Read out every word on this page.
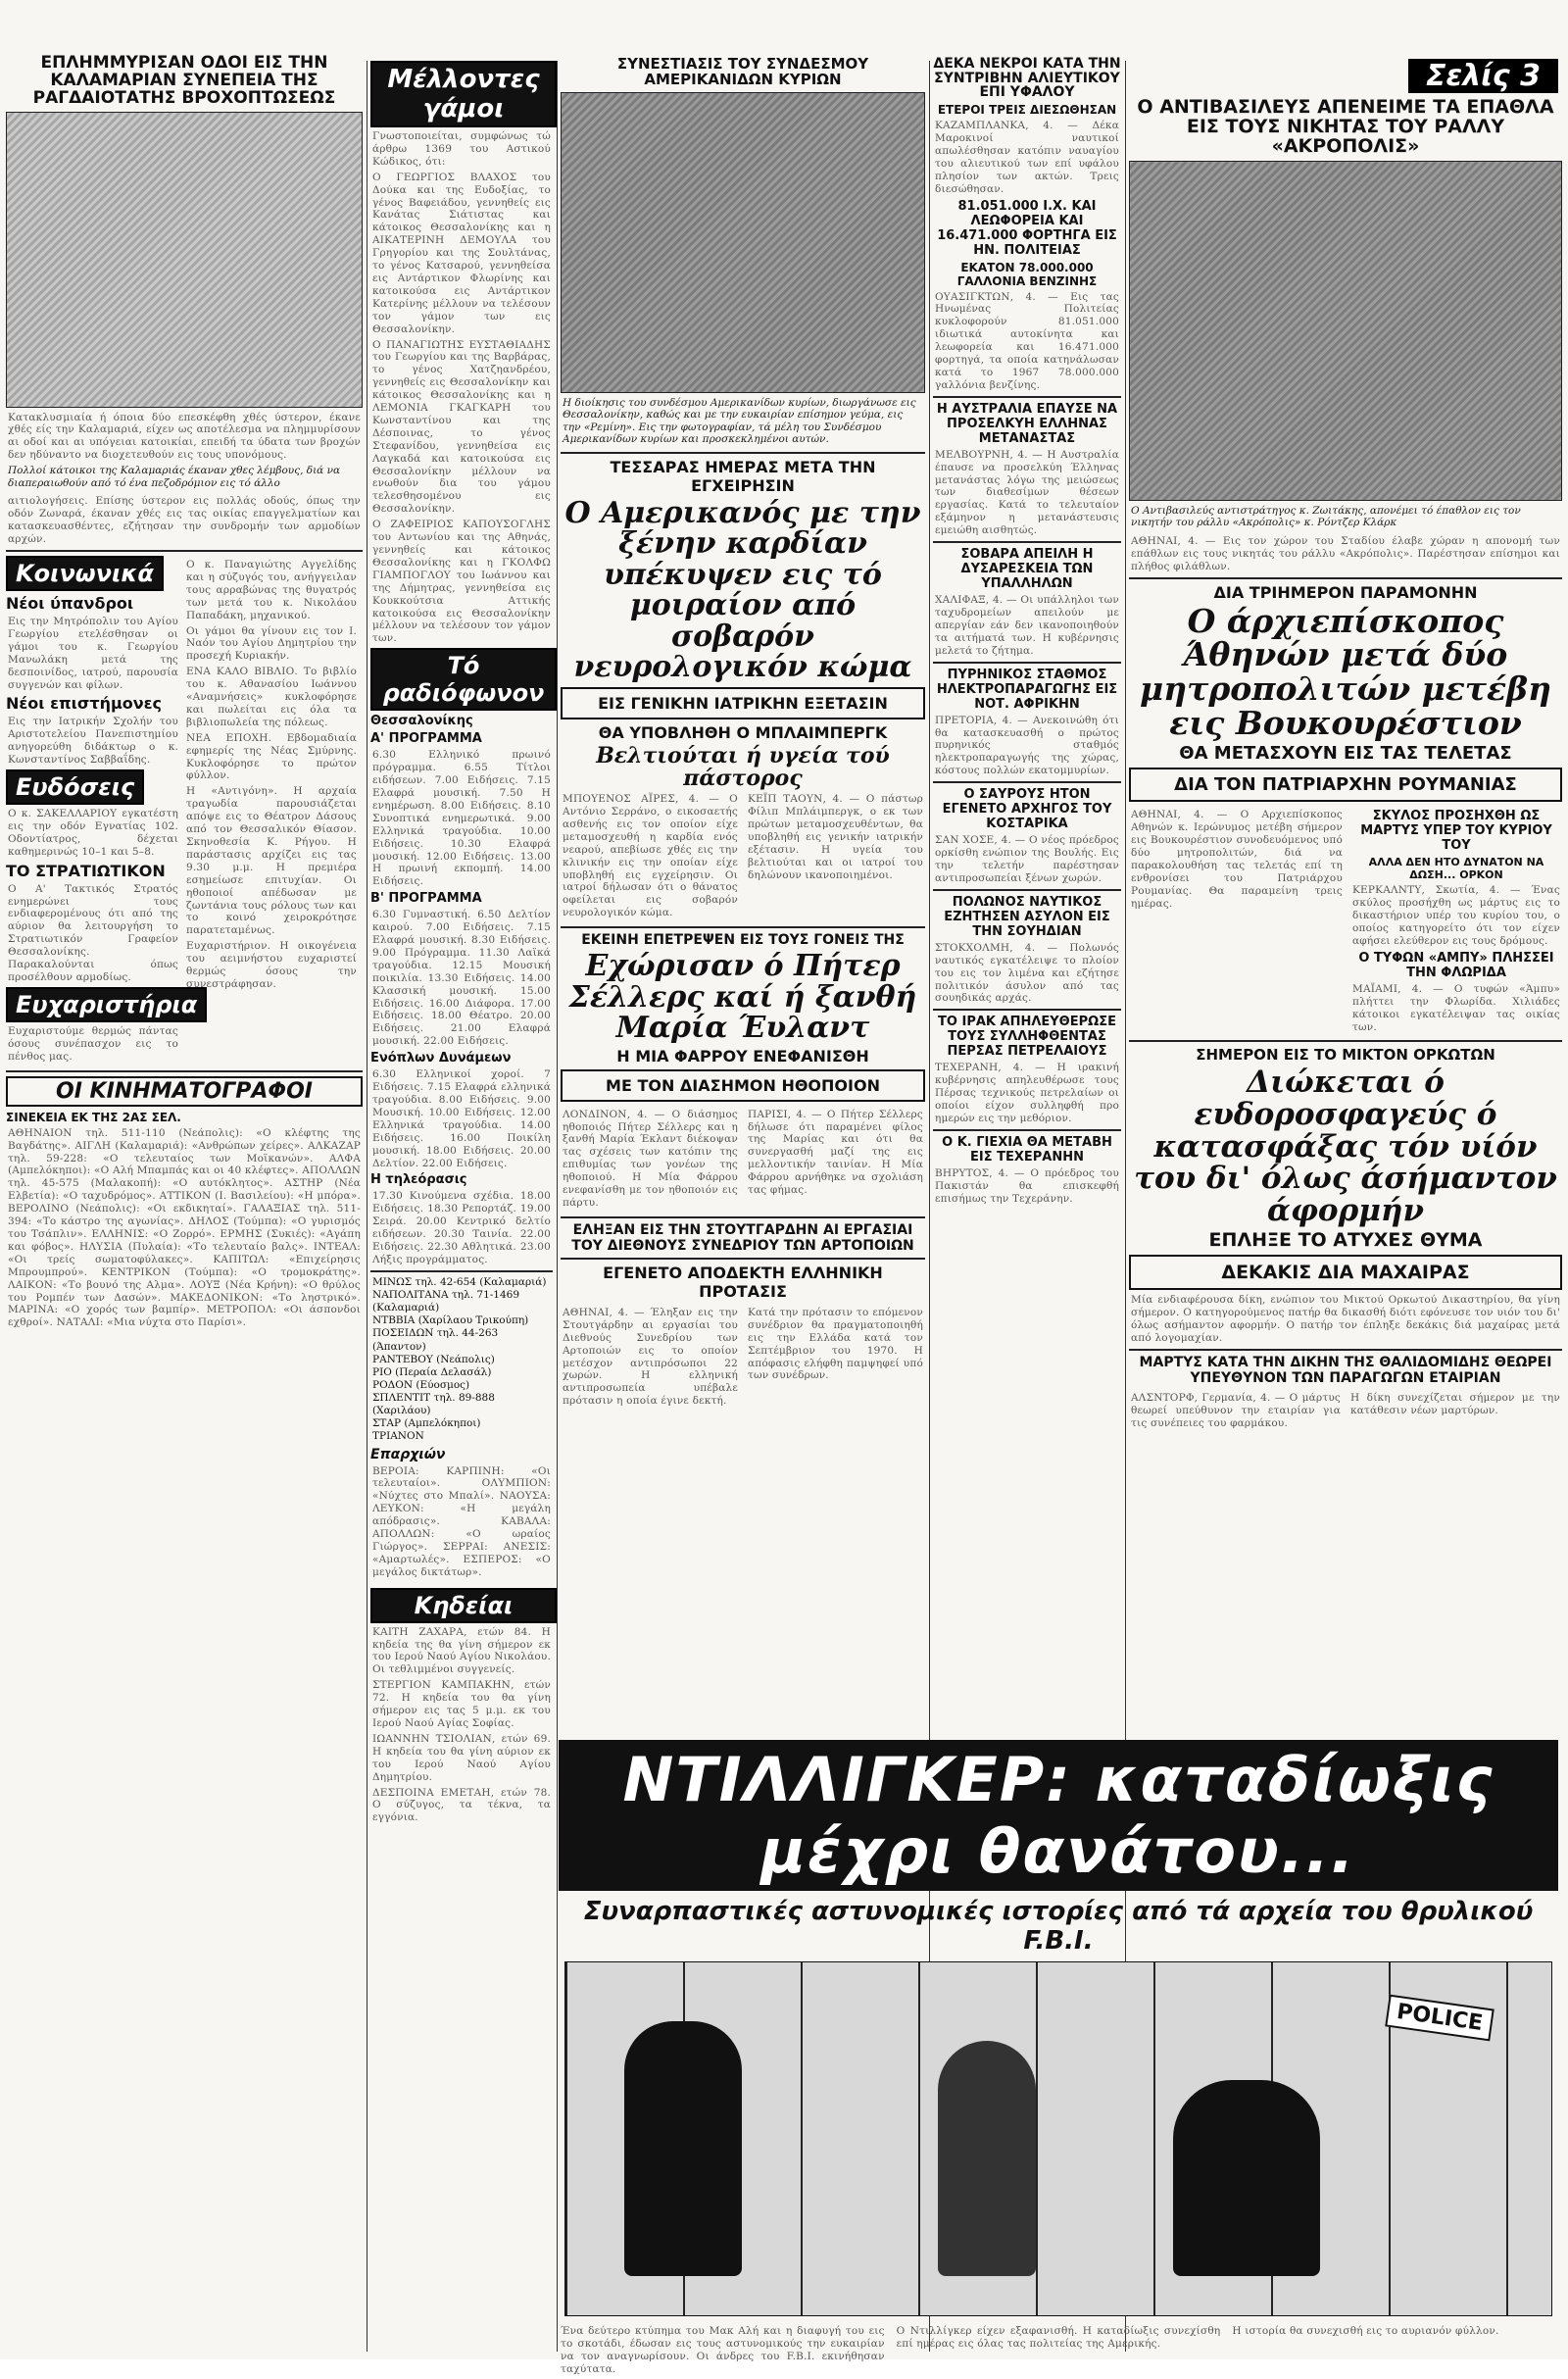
Σελίς 3
ΕΠΛΗΜΜΥΡΙΣΑΝ ΟΔΟΙ ΕΙΣ ΤΗΝ ΚΑΛΑΜΑΡΙΑΝ ΣΥΝΕΠΕΙΑ ΤΗΣ ΡΑΓΔΑΙΟΤΑΤΗΣ ΒΡΟΧΟΠΤΩΣΕΩΣ
Κατακλυσμιαία ή όποια δύο επεσκέφθη χθές ύστερον, έκανε χθές είς την Καλαμαριά, είχεν ως αποτέλεσμα να πλημμυρίσουν αι οδοί και αι υπόγειαι κατοικίαι, επειδή τα ύδατα των βροχών δεν ηδύναντο να διοχετευθούν εις τους υπονόμους.
Πολλοί κάτοικοι της Καλαμαριάς έκαναν χθες λέμβους, διά να διαπεραιωθούν από τό ένα πεζοδρόμιον εις τό άλλο
αιτιολογήσεις. Επίσης ύστερον εις πολλάς οδούς, όπως την οδόν Ζωναρά, έκαναν χθές εις τας οικίας επαγγελματίων και κατασκευασθέντες, εζήτησαν την συνδρομήν των αρμοδίων αρχών.
Κοινωνικά
Νέοι ύπανδροι
Εις την Μητρόπολιν του Αγίου Γεωργίου ετελέσθησαν οι γάμοι του κ. Γεωργίου Μανωλάκη μετά της δεσποινίδος, ιατρού, παρουσία συγγενών και φίλων.
Νέοι επιστήμονες
Εις την Ιατρικήν Σχολήν του Αριστοτελείου Πανεπιστημίου ανηγορεύθη διδάκτωρ ο κ. Κωνσταντίνος Σαββαΐδης.
Ευδόσεις
Ο κ. ΣΑΚΕΛΛΑΡΙΟΥ εγκατέστη εις την οδόν Εγνατίας 102. Οδοντίατρος, δέχεται καθημερινώς 10–1 και 5–8.
ΤΟ ΣΤΡΑΤΙΩΤΙΚΟΝ
Ο Α' Τακτικός Στρατός ενημερώνει τους ενδιαφερομένους ότι από της αύριον θα λειτουργήση το Στρατιωτικόν Γραφείον Θεσσαλονίκης. Παρακαλούνται όπως προσέλθουν αρμοδίως.
Ευχαριστήρια
Ευχαριστούμε θερμώς πάντας όσους συνέπασχον εις το πένθος μας.
Ο κ. Παναγιώτης Αγγελίδης και η σύζυγός του, ανήγγειλαν τους αρραβώνας της θυγατρός των μετά του κ. Νικολάου Παπαδάκη, μηχανικού.
Οι γάμοι θα γίνουν εις τον Ι. Ναόν του Αγίου Δημητρίου την προσεχή Κυριακήν.
ΕΝΑ ΚΑΛΟ ΒΙΒΛΙΟ. Το βιβλίο του κ. Αθανασίου Ιωάννου «Αναμνήσεις» κυκλοφόρησε και πωλείται εις όλα τα βιβλιοπωλεία της πόλεως.
ΝΕΑ ΕΠΟΧΗ. Εβδομαδιαία εφημερίς της Νέας Σμύρνης. Κυκλοφόρησε το πρώτον φύλλον.
Η «Αντιγόνη». Η αρχαία τραγωδία παρουσιάζεται απόψε εις το Θέατρον Δάσους από τον Θεσσαλικόν Θίασον. Σκηνοθεσία Κ. Ρήγου. Η παράστασις αρχίζει εις τας 9.30 μ.μ. Η πρεμιέρα εσημείωσε επιτυχίαν. Οι ηθοποιοί απέδωσαν με ζωντάνια τους ρόλους των και το κοινό χειροκρότησε παρατεταμένως.
Ευχαριστήριον. Η οικογένεια του αειμνήστου ευχαριστεί θερμώς όσους την συνεστράφησαν.
ΟΙ ΚΙΝΗΜΑΤΟΓΡΑΦΟΙ
ΣΙΝΕΚΕΙΑ ΕΚ ΤΗΣ 2ΑΣ ΣΕΛ.
ΑΘΗΝΑΙΟΝ τηλ. 511-110 (Νεάπολις): «Ο κλέφτης της Βαγδάτης». ΑΙΓΛΗ (Καλαμαριά): «Ανθρώπων χείρες». ΑΛΚΑΖΑΡ τηλ. 59-228: «Ο τελευταίος των Μοϊκανών». ΑΛΦΑ (Αμπελόκηποι): «Ο Αλή Μπαμπάς και οι 40 κλέφτες». ΑΠΟΛΛΩΝ τηλ. 45-575 (Μαλακοπή): «Ο αυτόκλητος». ΑΣΤΗΡ (Νέα Ελβετία): «Ο ταχυδρόμος». ΑΤΤΙΚΟΝ (Ι. Βασιλείου): «Η μπόρα». ΒΕΡΟΛΙΝΟ (Νεάπολις): «Οι εκδικηταί». ΓΑΛΑΞΙΑΣ τηλ. 511-394: «Το κάστρο της αγωνίας». ΔΗΛΟΣ (Τούμπα): «Ο γυρισμός του Τσάπλιν». ΕΛΛΗΝΙΣ: «Ο Ζορρό». ΕΡΜΗΣ (Συκιές): «Αγάπη και φόβος». ΗΛΥΣΙΑ (Πυλαία): «Το τελευταίο βαλς». ΙΝΤΕΑΛ: «Οι τρείς σωματοφύλακες». ΚΑΠΙΤΩΛ: «Επιχείρησις Μπρουμπρού». ΚΕΝΤΡΙΚΟΝ (Τούμπα): «Ο τρομοκράτης». ΛΑΙΚΟΝ: «Το βουνό της Αλμα». ΛΟΥΞ (Νέα Κρήνη): «Ο θρύλος του Ρομπέν των Δασών». ΜΑΚΕΔΟΝΙΚΟΝ: «Το ληστρικό». ΜΑΡΙΝΑ: «Ο χορός των βαμπίρ». ΜΕΤΡΟΠΟΛ: «Οι άσπονδοι εχθροί». ΝΑΤΑΛΙ: «Μια νύχτα στο Παρίσι».
Μέλλοντες γάμοι
Γνωστοποιείται, συμφώνως τώ άρθρω 1369 του Αστικού Κώδικος, ότι:
Ο ΓΕΩΡΓΙΟΣ ΒΛΑΧΟΣ του Δούκα και της Ευδοξίας, το γένος Βαφειάδου, γεννηθείς εις Κανάτας Σιάτιστας και κάτοικος Θεσσαλονίκης και η ΑΙΚΑΤΕΡΙΝΗ ΔΕΜΟΥΛΑ του Γρηγορίου και της Σουλτάνας, το γένος Κατσαρού, γεννηθείσα εις Αντάρτικον Φλωρίνης και κατοικούσα εις Αντάρτικον Κατερίνης μέλλουν να τελέσουν τον γάμον των εις Θεσσαλονίκην.
Ο ΠΑΝΑΓΙΩΤΗΣ ΕΥΣΤΑΘΙΑΔΗΣ του Γεωργίου και της Βαρβάρας, το γένος Χατζηανδρέου, γεννηθείς εις Θεσσαλονίκην και κάτοικος Θεσσαλονίκης και η ΛΕΜΟΝΙΑ ΓΚΑΓΚΑΡΗ του Κωνσταντίνου και της Δέσποινας, το γένος Στεφανίδου, γεννηθείσα εις Λαγκαδά και κατοικούσα εις Θεσσαλονίκην μέλλουν να ενωθούν δια του γάμου τελεσθησομένου εις Θεσσαλονίκην.
Ο ΖΑΦΕΙΡΙΟΣ ΚΑΠΟΥΣΟΓΛΗΣ του Αντωνίου και της Αθηνάς, γεννηθείς και κάτοικος Θεσσαλονίκης και η ΓΚΟΛΦΩ ΓΙΑΜΠΟΓΛΟΥ του Ιωάννου και της Δήμητρας, γεννηθείσα εις Κουκκούτσια Αττικής κατοικούσα εις Θεσσαλονίκην μέλλουν να τελέσουν τον γάμον των.
Τό ραδιόφωνον
Θεσσαλονίκης
Α' ΠΡΟΓΡΑΜΜΑ
6.30 Ελληνικό πρωινό πρόγραμμα. 6.55 Τίτλοι ειδήσεων. 7.00 Ειδήσεις. 7.15 Ελαφρά μουσική. 7.50 Η ενημέρωση. 8.00 Ειδήσεις. 8.10 Συνοπτικά ενημερωτικά. 9.00 Ελληνικά τραγούδια. 10.00 Ειδήσεις. 10.30 Ελαφρά μουσική. 12.00 Ειδήσεις. 13.00 Η πρωινή εκπομπή. 14.00 Ειδήσεις.
Β' ΠΡΟΓΡΑΜΜΑ
6.30 Γυμναστική. 6.50 Δελτίον καιρού. 7.00 Ειδήσεις. 7.15 Ελαφρά μουσική. 8.30 Ειδήσεις. 9.00 Πρόγραμμα. 11.30 Λαϊκά τραγούδια. 12.15 Μουσική ποικιλία. 13.30 Ειδήσεις. 14.00 Κλασσική μουσική. 15.00 Ειδήσεις. 16.00 Διάφορα. 17.00 Ειδήσεις. 18.00 Θέατρο. 20.00 Ειδήσεις. 21.00 Ελαφρά μουσική. 22.00 Ειδήσεις.
Ενόπλων Δυνάμεων
6.30 Ελληνικοί χοροί. 7 Ειδήσεις. 7.15 Ελαφρά ελληνικά τραγούδια. 8.00 Ειδήσεις. 9.00 Μουσική. 10.00 Ειδήσεις. 12.00 Ελληνικά τραγούδια. 14.00 Ειδήσεις. 16.00 Ποικίλη μουσική. 18.00 Ειδήσεις. 20.00 Δελτίον. 22.00 Ειδήσεις.
Η τηλεόρασις
17.30 Κινούμενα σχέδια. 18.00 Ειδήσεις. 18.30 Ρεπορτάζ. 19.00 Σειρά. 20.00 Κεντρικό δελτίο ειδήσεων. 20.30 Ταινία. 22.00 Ειδήσεις. 22.30 Αθλητικά. 23.00 Λήξις προγράμματος.
ΜΙΝΩΣ τηλ. 42-654 (Καλαμαριά)
ΝΑΠΟΛΙΤΑΝΑ τηλ. 71-1469 (Καλαμαριά)
ΝΤΒΒΙΑ (Χαρίλαου Τρικούπη)
ΠΟΣΕΙΔΩΝ τηλ. 44-263 (Άπαντον)
ΡΑΝΤΕΒΟΥ (Νεάπολις)
ΡΙΟ (Περαία Δελασάλ)
ΡΟΔΟΝ (Εύοσμος)
ΣΠΛΕΝΤΙΤ τηλ. 89-888 (Χαριλάου)
ΣΤΑΡ (Αμπελόκηποι)
ΤΡΙΑΝΟΝ
Επαρχιών
ΒΕΡΟΙΑ: ΚΑΡΠΙΝΗ: «Οι τελευταίοι». ΟΛΥΜΠΙΟΝ: «Νύχτες στο Μπαλί». ΝΑΟΥΣΑ: ΛΕΥΚΟΝ: «Η μεγάλη απόδρασις». ΚΑΒΑΛΑ: ΑΠΟΛΛΩΝ: «Ο ωραίος Γιώργος». ΣΕΡΡΑΙ: ΑΝΕΣΙΣ: «Αμαρτωλές». ΕΣΠΕΡΟΣ: «Ο μεγάλος δικτάτωρ».
Κηδείαι
ΚΑΙΤΗ ΖΑΧΑΡΑ, ετών 84. Η κηδεία της θα γίνη σήμερον εκ του Ιερού Ναού Αγίου Νικολάου. Οι τεθλιμμένοι συγγενείς.
ΣΤΕΡΓΙΟΝ ΚΑΜΠΑΚΗΝ, ετών 72. Η κηδεία του θα γίνη σήμερον εις τας 5 μ.μ. εκ του Ιερού Ναού Αγίας Σοφίας.
ΙΩΑΝΝΗΝ ΤΣΙΟΛΙΑΝ, ετών 69. Η κηδεία του θα γίνη αύριον εκ του Ιερού Ναού Αγίου Δημητρίου.
ΔΕΣΠΟΙΝΑ ΕΜΕΤΑΗ, ετών 78. Ο σύζυγος, τα τέκνα, τα εγγόνια.
ΣΥΝΕΣΤΙΑΣΙΣ ΤΟΥ ΣΥΝΔΕΣΜΟΥ ΑΜΕΡΙΚΑΝΙΔΩΝ ΚΥΡΙΩΝ
Η διοίκησις του συνδέσμου Αμερικανίδων κυρίων, διωργάνωσε εις Θεσσαλονίκην, καθώς και με την ευκαιρίαν επίσημον γεύμα, εις την «Ρεμίνη». Εις την φωτογραφίαν, τά μέλη του Συνδέσμου Αμερικανίδων κυρίων και προσκεκλημένοι αυτών.
ΤΕΣΣΑΡΑΣ ΗΜΕΡΑΣ ΜΕΤΑ ΤΗΝ ΕΓΧΕΙΡΗΣΙΝ
Ο Αμερικανός με την ξένην καρδίαν υπέκυψεν εις τό μοιραίον από σοβαρόν νευρολογικόν κώμα
ΕΙΣ ΓΕΝΙΚΗΝ ΙΑΤΡΙΚΗΝ ΕΞΕΤΑΣΙΝ
ΘΑ ΥΠΟΒΛΗΘΗ Ο ΜΠΛΑΙΜΠΕΡΓΚ
Βελτιούται ή υγεία τού πάστορος
ΜΠΟΥΕΝΟΣ ΑΪΡΕΣ, 4. — Ο Αντόνιο Σερράνο, ο εικοσαετής ασθενής εις τον οποίον είχε μεταμοσχευθή η καρδία ενός νεαρού, απεβίωσε χθές εις την κλινικήν εις την οποίαν είχε υποβληθή εις εγχείρησιν. Οι ιατροί δήλωσαν ότι ο θάνατος οφείλεται εις σοβαρόν νευρολογικόν κώμα.
ΚΕΪΠ ΤΑΟΥΝ, 4. — Ο πάστωρ Φίλιπ Μπλάιμπεργκ, ο εκ των πρώτων μεταμοσχευθέντων, θα υποβληθή εις γενικήν ιατρικήν εξέτασιν. Η υγεία του βελτιούται και οι ιατροί του δηλώνουν ικανοποιημένοι.
ΕΚΕΙΝΗ ΕΠΕΤΡΕΨΕΝ ΕΙΣ ΤΟΥΣ ΓΟΝΕΙΣ ΤΗΣ
Εχώρισαν ό Πήτερ Σέλλερς καί ή ξανθή Μαρία Έυλαντ
Η ΜΙΑ ΦΑΡΡΟΥ ΕΝΕΦΑΝΙΣΘΗ
ΜΕ ΤΟΝ ΔΙΑΣΗΜΟΝ ΗΘΟΠΟΙΟΝ
ΛΟΝΔΙΝΟΝ, 4. — Ο διάσημος ηθοποιός Πήτερ Σέλλερς και η ξανθή Μαρία Έκλαντ διέκοψαν τας σχέσεις των κατόπιν της επιθυμίας των γονέων της ηθοποιού. Η Μία Φάρρου ενεφανίσθη με τον ηθοποιόν εις πάρτυ.
ΠΑΡΙΣΙ, 4. — Ο Πήτερ Σέλλερς δήλωσε ότι παραμένει φίλος της Μαρίας και ότι θα συνεργασθή μαζί της εις μελλοντικήν ταινίαν. Η Μία Φάρρου αρνήθηκε να σχολιάση τας φήμας.
ΕΛΗΞΑΝ ΕΙΣ ΤΗΝ ΣΤΟΥΤΓΑΡΔΗΝ ΑΙ ΕΡΓΑΣΙΑΙ ΤΟΥ ΔΙΕΘΝΟΥΣ ΣΥΝΕΔΡΙΟΥ ΤΩΝ ΑΡΤΟΠΟΙΩΝ
ΕΓΕΝΕΤΟ ΑΠΟΔΕΚΤΗ ΕΛΛΗΝΙΚΗ ΠΡΟΤΑΣΙΣ
ΑΘΗΝΑΙ, 4. — Έληξαν εις την Στουτγάρδην αι εργασίαι του Διεθνούς Συνεδρίου των Αρτοποιών εις το οποίον μετέσχον αντιπρόσωποι 22 χωρών. Η ελληνική αντιπροσωπεία υπέβαλε πρότασιν η οποία έγινε δεκτή.
Κατά την πρότασιν το επόμενον συνέδριον θα πραγματοποιηθή εις την Ελλάδα κατά τον Σεπτέμβριον του 1970. Η απόφασις ελήφθη παμψηφεί υπό των συνέδρων.
ΔΕΚΑ ΝΕΚΡΟΙ ΚΑΤΑ ΤΗΝ ΣΥΝΤΡΙΒΗΝ ΑΛΙΕΥΤΙΚΟΥ ΕΠΙ ΥΦΑΛΟΥ
ΕΤΕΡΟΙ ΤΡΕΙΣ ΔΙΕΣΩΘΗΣΑΝ
ΚΑΖΑΜΠΛΑΝΚΑ, 4. — Δέκα Μαροκινοί ναυτικοί απωλέσθησαν κατόπιν ναυαγίου του αλιευτικού των επί υφάλου πλησίον των ακτών. Τρεις διεσώθησαν.
81.051.000 Ι.Χ. ΚΑΙ ΛΕΩΦΟΡΕΙΑ ΚΑΙ 16.471.000 ΦΟΡΤΗΓΑ ΕΙΣ ΗΝ. ΠΟΛΙΤΕΙΑΣ
ΕΚΑΤΟΝ 78.000.000 ΓΑΛΛΟΝΙΑ ΒΕΝΖΙΝΗΣ
ΟΥΑΣΙΓΚΤΩΝ, 4. — Εις τας Ηνωμένας Πολιτείας κυκλοφορούν 81.051.000 ιδιωτικά αυτοκίνητα και λεωφορεία και 16.471.000 φορτηγά, τα οποία κατηνάλωσαν κατά το 1967 78.000.000 γαλλόνια βενζίνης.
Η ΑΥΣΤΡΑΛΙΑ ΕΠΑΥΣΕ ΝΑ ΠΡΟΣΕΛΚΥΗ ΕΛΛΗΝΑΣ ΜΕΤΑΝΑΣΤΑΣ
ΜΕΛΒΟΥΡΝΗ, 4. — Η Αυστραλία έπαυσε να προσελκύη Έλληνας μετανάστας λόγω της μειώσεως των διαθεσίμων θέσεων εργασίας. Κατά το τελευταίον εξάμηνον η μετανάστευσις εμειώθη αισθητώς.
ΣΟΒΑΡΑ ΑΠΕΙΛΗ Η ΔΥΣΑΡΕΣΚΕΙΑ ΤΩΝ ΥΠΑΛΛΗΛΩΝ
ΧΑΛΙΦΑΞ, 4. — Οι υπάλληλοι των ταχυδρομείων απειλούν με απεργίαν εάν δεν ικανοποιηθούν τα αιτήματά των. Η κυβέρνησις μελετά το ζήτημα.
ΠΥΡΗΝΙΚΟΣ ΣΤΑΘΜΟΣ ΗΛΕΚΤΡΟΠΑΡΑΓΩΓΗΣ ΕΙΣ ΝΟΤ. ΑΦΡΙΚΗΝ
ΠΡΕΤΟΡΙΑ, 4. — Ανεκοινώθη ότι θα κατασκευασθή ο πρώτος πυρηνικός σταθμός ηλεκτροπαραγωγής της χώρας, κόστους πολλών εκατομμυρίων.
Ο ΣΑΥΡΟΥΣ ΗΤΟΝ ΕΓΕΝΕΤΟ ΑΡΧΗΓΟΣ ΤΟΥ ΚΟΣΤΑΡΙΚΑ
ΣΑΝ ΧΟΣΕ, 4. — Ο νέος πρόεδρος ορκίσθη ενώπιον της Βουλής. Εις την τελετήν παρέστησαν αντιπροσωπείαι ξένων χωρών.
ΠΟΛΩΝΟΣ ΝΑΥΤΙΚΟΣ ΕΖΗΤΗΣΕΝ ΑΣΥΛΟΝ ΕΙΣ ΤΗΝ ΣΟΥΗΔΙΑΝ
ΣΤΟΚΧΟΛΜΗ, 4. — Πολωνός ναυτικός εγκατέλειψε το πλοίον του εις τον λιμένα και εζήτησε πολιτικόν άσυλον από τας σουηδικάς αρχάς.
ΤΟ ΙΡΑΚ ΑΠΗΛΕΥΘΕΡΩΣΕ ΤΟΥΣ ΣΥΛΛΗΦΘΕΝΤΑΣ ΠΕΡΣΑΣ ΠΕΤΡΕΛΑΙΟΥΣ
ΤΕΧΕΡΑΝΗ, 4. — Η ιρακινή κυβέρνησις απηλευθέρωσε τους Πέρσας τεχνικούς πετρελαίων οι οποίοι είχον συλληφθή προ ημερών εις την μεθόριον.
Ο Κ. ΓΙΕΧΙΑ ΘΑ ΜΕΤΑΒΗ ΕΙΣ ΤΕΧΕΡΑΝΗΝ
ΒΗΡΥΤΟΣ, 4. — Ο πρόεδρος του Πακιστάν θα επισκεφθή επισήμως την Τεχεράνην.
Ο ΑΝΤΙΒΑΣΙΛΕΥΣ ΑΠΕΝΕΙΜΕ ΤΑ ΕΠΑΘΛΑ ΕΙΣ ΤΟΥΣ ΝΙΚΗΤΑΣ ΤΟΥ ΡΑΛΛΥ «ΑΚΡΟΠΟΛΙΣ»
Ο Αντιβασιλεύς αντιστράτηγος κ. Ζωιτάκης, απονέμει τό έπαθλον εις τον νικητήν του ράλλυ «Ακρόπολις» κ. Ρόντζερ Κλάρκ
ΑΘΗΝΑΙ, 4. — Εις τον χώρον του Σταδίου έλαβε χώραν η απονομή των επάθλων εις τους νικητάς του ράλλυ «Ακρόπολις». Παρέστησαν επίσημοι και πλήθος φιλάθλων.
ΔΙΑ ΤΡΙΗΜΕΡΟΝ ΠΑΡΑΜΟΝΗΝ
Ο άρχιεπίσκοπος Άθηνών μετά δύο μητροπολιτών μετέβη εις Βουκουρέστιον
ΘΑ ΜΕΤΑΣΧΟΥΝ ΕΙΣ ΤΑΣ ΤΕΛΕΤΑΣ
ΔΙΑ ΤΟΝ ΠΑΤΡΙΑΡΧΗΝ ΡΟΥΜΑΝΙΑΣ
ΑΘΗΝΑΙ, 4. — Ο Αρχιεπίσκοπος Αθηνών κ. Ιερώνυμος μετέβη σήμερον εις Βουκουρέστιον συνοδευόμενος υπό δύο μητροπολιτών, διά να παρακολουθήση τας τελετάς επί τη ενθρονίσει του Πατριάρχου Ρουμανίας. Θα παραμείνη τρεις ημέρας.
ΣΚΥΛΟΣ ΠΡΟΣΗΧΘΗ ΩΣ ΜΑΡΤΥΣ ΥΠΕΡ ΤΟΥ ΚΥΡΙΟΥ ΤΟΥ
ΑΛΛΑ ΔΕΝ ΗΤΟ ΔΥΝΑΤΟΝ ΝΑ ΔΩΣΗ... ΟΡΚΟΝ
ΚΕΡΚΑΛΝΤΥ, Σκωτία, 4. — Ένας σκύλος προσήχθη ως μάρτυς εις το δικαστήριον υπέρ του κυρίου του, ο οποίος κατηγορείτο ότι τον είχεν αφήσει ελεύθερον εις τους δρόμους.
Ο ΤΥΦΩΝ «ΑΜΠΥ» ΠΛΗΣΣΕΙ ΤΗΝ ΦΛΩΡΙΔΑ
ΜΑΪΑΜΙ, 4. — Ο τυφών «Άμπυ» πλήττει την Φλωρίδα. Χιλιάδες κάτοικοι εγκατέλειψαν τας οικίας των.
ΣΗΜΕΡΟΝ ΕΙΣ ΤΟ ΜΙΚΤΟΝ ΟΡΚΩΤΩΝ
Διώκεται ό ευδοροσφαγεύς ό κατασφάξας τόν υίόν του δι' όλως άσήμαντον άφορμήν
ΕΠΛΗΞΕ ΤΟ ΑΤΥΧΕΣ ΘΥΜΑ
ΔΕΚΑΚΙΣ ΔΙΑ ΜΑΧΑΙΡΑΣ
Μία ενδιαφέρουσα δίκη, ενώπιον του Μικτού Ορκωτού Δικαστηρίου, θα γίνη σήμερον. Ο κατηγορούμενος πατήρ θα δικασθή διότι εφόνευσε τον υιόν του δι' όλως ασήμαντον αφορμήν. Ο πατήρ τον έπληξε δεκάκις διά μαχαίρας μετά από λογομαχίαν.
ΜΑΡΤΥΣ ΚΑΤΑ ΤΗΝ ΔΙΚΗΝ ΤΗΣ ΘΑΛΙΔΟΜΙΔΗΣ ΘΕΩΡΕΙ ΥΠΕΥΘΥΝΟΝ ΤΩΝ ΠΑΡΑΓΩΓΩΝ ΕΤΑΙΡΙΑΝ
ΑΛΣΝΤΟΡΦ, Γερμανία, 4. — Ο μάρτυς θεωρεί υπεύθυνον την εταιρίαν για τις συνέπειες του φαρμάκου.
Η δίκη συνεχίζεται σήμερον με την κατάθεσιν νέων μαρτύρων.
ΝΤΙΛΛΙΓΚΕΡ: καταδίωξις μέχρι θανάτου...
Συναρπαστικές αστυνομικές ιστορίες από τά αρχεία του θρυλικού F.B.I.
POLICE
Ένα δεύτερο κτύπημα του Μακ Αλή και η διαφυγή του εις το σκοτάδι, έδωσαν εις τους αστυνομικούς την ευκαιρίαν να τον αναγνωρίσουν. Οι άνδρες του F.B.I. εκινήθησαν ταχύτατα.
Ο Ντιλλίγκερ είχεν εξαφανισθή. Η καταδίωξις συνεχίσθη επί ημέρας εις όλας τας πολιτείας της Αμερικής.
Η ιστορία θα συνεχισθή εις το αυριανόν φύλλον.
